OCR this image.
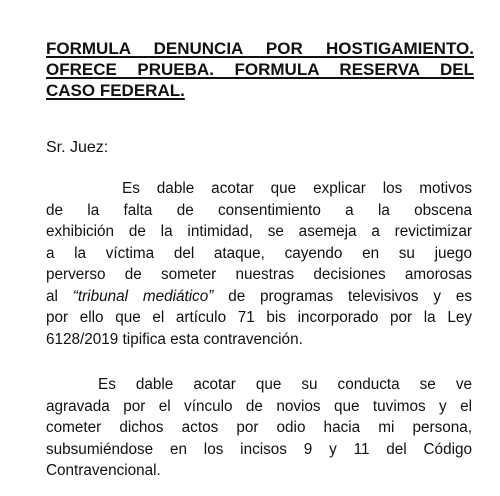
FORMULA DENUNCIA POR HOSTIGAMIENTO.
OFRECE PRUEBA. FORMULA RESERVA DEL
CASO FEDERAL.
Sr. Juez:
Es dable acotar que explicar los motivos
de la falta de consentimiento a la obscena
exhibición de la intimidad, se asemeja a revictimizar
a la víctima del ataque, cayendo en su juego
perverso de someter nuestras decisiones amorosas
al “tribunal mediático” de programas televisivos y es
por ello que el artículo 71 bis incorporado por la Ley
6128/2019 tipifica esta contravención.
Es dable acotar que su conducta se ve
agravada por el vínculo de novios que tuvimos y el
cometer dichos actos por odio hacia mi persona,
subsumiéndose en los incisos 9 y 11 del Código
Contravencional.
